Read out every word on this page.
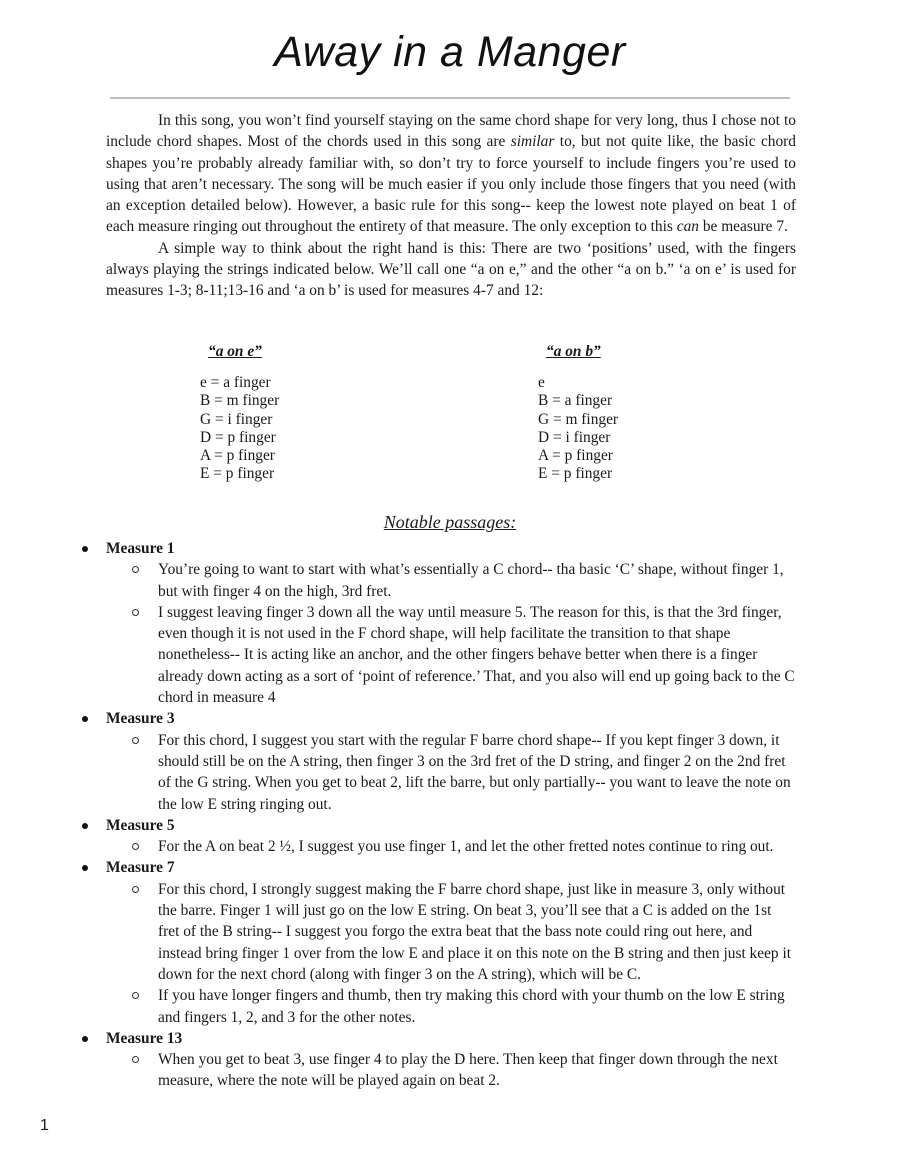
Away in a Manger

In this song, you won’t find yourself staying on the same chord shape for very long, thus I chose not to include chord shapes. Most of the chords used in this song are similar to, but not quite like, the basic chord shapes you’re probably already familiar with, so don’t try to force yourself to include fingers you’re used to using that aren’t necessary. The song will be much easier if you only include those fingers that you need (with an exception detailed below). However, a basic rule for this song-- keep the lowest note played on beat 1 of each measure ringing out throughout the entirety of that measure. The only exception to this can be measure 7.

A simple way to think about the right hand is this: There are two ‘positions’ used, with the fingers always playing the strings indicated below. We’ll call one “a on e,” and the other “a on b.” ‘a on e’ is used for measures 1-3; 8-11;13-16 and ‘a on b’ is used for measures 4-7 and 12:

“a on e”
e = a finger
B = m finger
G = i finger
D = p finger
A = p finger
E = p finger
“a on b”
e
B = a finger
G = m finger
D = i finger
A = p finger
E = p finger
Notable passages:
Measure 1
You’re going to want to start with what’s essentially a C chord-- tha basic ‘C’ shape, without finger 1, but with finger 4 on the high, 3rd fret.
I suggest leaving finger 3 down all the way until measure 5. The reason for this, is that the 3rd finger, even though it is not used in the F chord shape, will help facilitate the transition to that shape nonetheless-- It is acting like an anchor, and the other fingers behave better when there is a finger already down acting as a sort of ‘point of reference.’ That, and you also will end up going back to the C chord in measure 4
Measure 3
For this chord, I suggest you start with the regular F barre chord shape-- If you kept finger 3 down, it should still be on the A string, then finger 3 on the 3rd fret of the D string, and finger 2 on the 2nd fret of the G string. When you get to beat 2, lift the barre, but only partially-- you want to leave the note on the low E string ringing out.
Measure 5
For the A on beat 2 ½, I suggest you use finger 1, and let the other fretted notes continue to ring out.
Measure 7
For this chord, I strongly suggest making the F barre chord shape, just like in measure 3, only without the barre. Finger 1 will just go on the low E string. On beat 3, you’ll see that a C is added on the 1st fret of the B string-- I suggest you forgo the extra beat that the bass note could ring out here, and instead bring finger 1 over from the low E and place it on this note on the B string and then just keep it down for the next chord (along with finger 3 on the A string), which will be C.
If you have longer fingers and thumb, then try making this chord with your thumb on the low E string and fingers 1, 2, and 3 for the other notes.
Measure 13
When you get to beat 3, use finger 4 to play the D here. Then keep that finger down through the next measure, where the note will be played again on beat 2.
1
